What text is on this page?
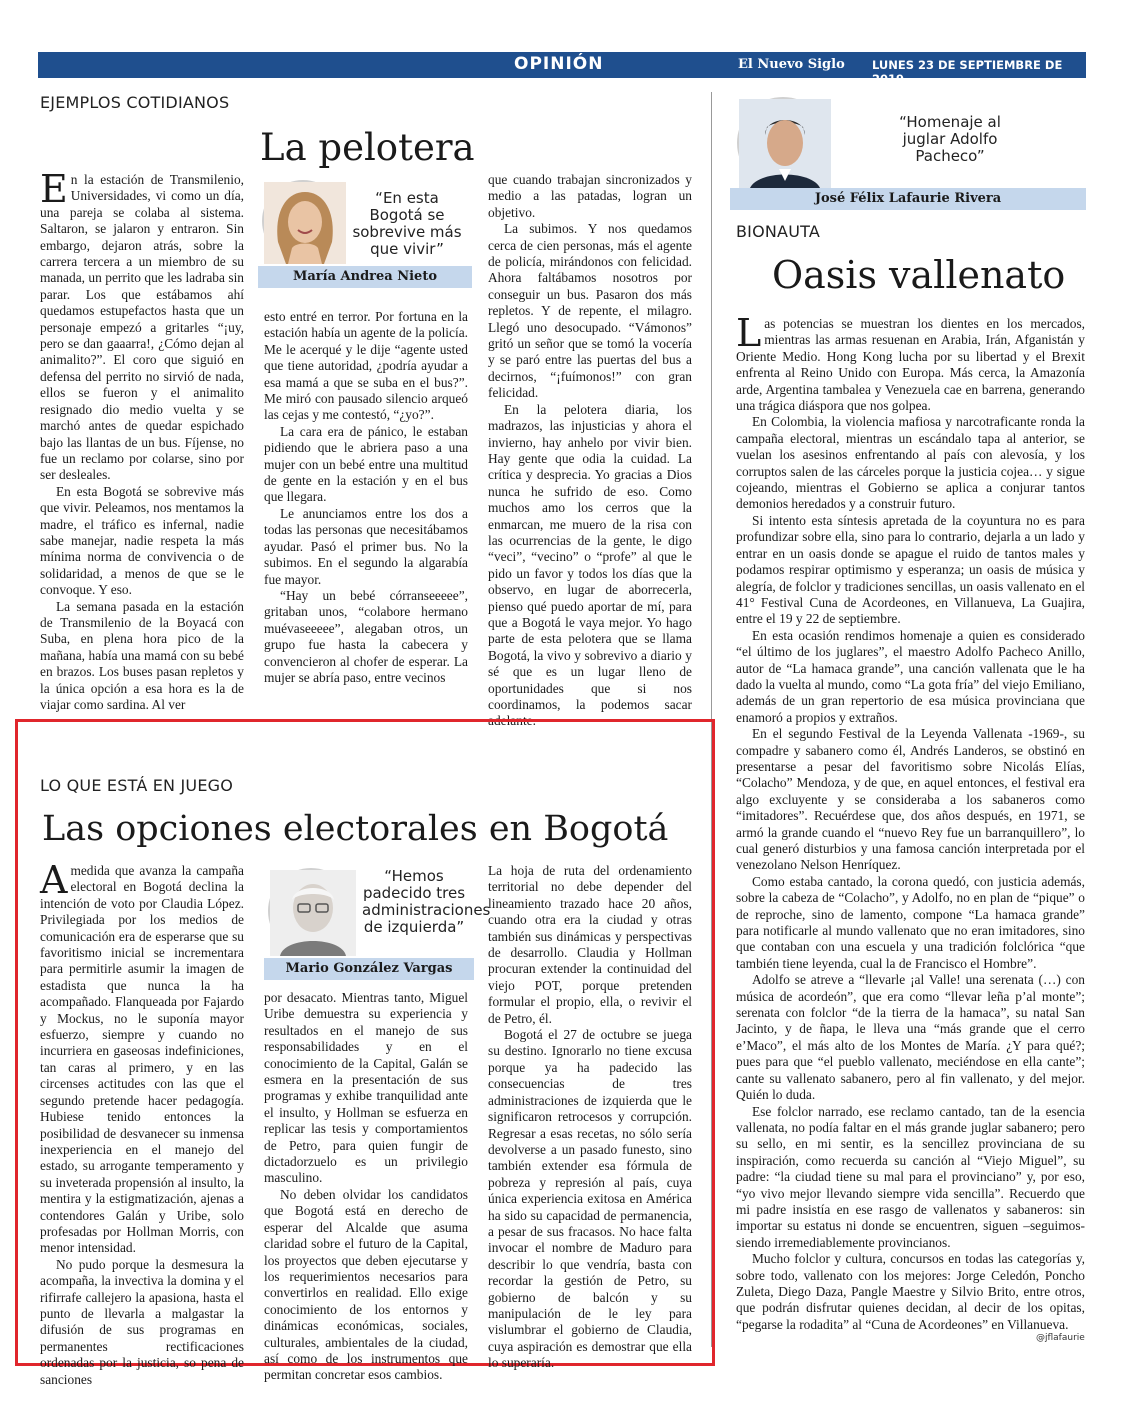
OPINIÓN	El Nuevo Siglo LUNES 23 DE SEPTIEMBRE DE 2019
9A
EJEMPLOS COTIDIANOS
La pelotera
“En esta Bogotá se sobrevive más que vivir”
María Andrea Nieto

En la estación de Transmilenio, Universidades, vi como un día, una pareja se colaba al sistema. Saltaron, se jalaron y entraron. Sin embargo, dejaron atrás, sobre la carrera tercera a un miembro de su manada, un perrito que les ladraba sin parar. Los que estábamos ahí quedamos estupefactos hasta que un personaje empezó a gritarles “¡uy, pero se dan gaaarra!, ¿Cómo dejan al animalito?”. El coro que siguió en defensa del perrito no sirvió de nada, ellos se fueron y el animalito resignado dio medio vuelta y se marchó antes de quedar espichado bajo las llantas de un bus. Fíjense, no fue un reclamo por colarse, sino por ser desleales.

En esta Bogotá se sobrevive más que vivir. Peleamos, nos mentamos la madre, el tráfico es infernal, nadie sabe manejar, nadie respeta la más mínima norma de convivencia o de solidaridad, a menos de que se le convoque. Y eso.

La semana pasada en la estación de Transmilenio de la Boyacá con Suba, en plena hora pico de la mañana, había una mamá con su bebé en brazos. Los buses pasan repletos y la única opción a esa hora es la de viajar como sardina. Al ver

esto entré en terror. Por fortuna en la estación había un agente de la policía. Me le acerqué y le dije “agente usted que tiene autoridad, ¿podría ayudar a esa mamá a que se suba en el bus?”. Me miró con pausado silencio arqueó las cejas y me contestó, “¿yo?”.

La cara era de pánico, le estaban pidiendo que le abriera paso a una mujer con un bebé entre una multitud de gente en la estación y en el bus que llegara.

Le anunciamos entre los dos a todas las personas que necesitábamos ayudar. Pasó el primer bus. No la subimos. En el segundo la algarabía fue mayor.

“Hay un bebé córranseeeee”, gritaban unos, “colabore hermano muévaseeeee”, alegaban otros, un grupo fue hasta la cabecera y convencieron al chofer de esperar. La mujer se abría paso, entre vecinos

que cuando trabajan sincronizados y medio a las patadas, logran un objetivo.

La subimos. Y nos quedamos cerca de cien personas, más el agente de policía, mirándonos con felicidad. Ahora faltábamos nosotros por conseguir un bus. Pasaron dos más repletos. Y de repente, el milagro. Llegó uno desocupado. “Vámonos” gritó un señor que se tomó la vocería y se paró entre las puertas del bus a decirnos, “¡fuímonos!” con gran felicidad.

En la pelotera diaria, los madrazos, las injusticias y ahora el invierno, hay anhelo por vivir bien. Hay gente que odia la cuidad. La crítica y desprecia. Yo gracias a Dios nunca he sufrido de eso. Como muchos amo los cerros que la enmarcan, me muero de la risa con las ocurrencias de la gente, le digo “veci”, “vecino” o “profe” al que le pido un favor y todos los días que la observo, en lugar de aborrecerla, pienso qué puedo aportar de mí, para que a Bogotá le vaya mejor. Yo hago parte de esta pelotera que se llama Bogotá, la vivo y sobrevivo a diario y sé que es un lugar lleno de oportunidades que si nos coordinamos, la podemos sacar adelante.

LO QUE ESTÁ EN JUEGO
Las opciones electorales en Bogotá
“Hemos padecido tres administraciones de izquierda”
Mario González Vargas

A medida que avanza la campaña electoral en Bogotá declina la intención de voto por Claudia López. Privilegiada por los medios de comunicación era de esperarse que su favoritismo inicial se incrementara para permitirle asumir la imagen de estadista que nunca la ha acompañado. Flanqueada por Fajardo y Mockus, no le suponía mayor esfuerzo, siempre y cuando no incurriera en gaseosas indefiniciones, tan caras al primero, y en las circenses actitudes con las que el segundo pretende hacer pedagogía. Hubiese tenido entonces la posibilidad de desvanecer su inmensa inexperiencia en el manejo del estado, su arrogante temperamento y su inveterada propensión al insulto, la mentira y la estigmatización, ajenas a contendores Galán y Uribe, solo profesadas por Hollman Morris, con menor intensidad.

No pudo porque la desmesura la acompaña, la invectiva la domina y el rifirrafe callejero la apasiona, hasta el punto de llevarla a malgastar la difusión de sus programas en permanentes rectificaciones ordenadas por la justicia, so pena de sanciones

por desacato. Mientras tanto, Miguel Uribe demuestra su experiencia y resultados en el manejo de sus responsabilidades y en el conocimiento de la Capital, Galán se esmera en la presentación de sus programas y exhibe tranquilidad ante el insulto, y Hollman se esfuerza en replicar las tesis y comportamientos de Petro, para quien fungir de dictadorzuelo es un privilegio masculino.

No deben olvidar los candidatos que Bogotá está en derecho de esperar del Alcalde que asuma claridad sobre el futuro de la Capital, los proyectos que deben ejecutarse y los requerimientos necesarios para convertirlos en realidad. Ello exige conocimiento de los entornos y dinámicas económicas, sociales, culturales, ambientales de la ciudad, así como de los instrumentos que permitan concretar esos cambios.

La hoja de ruta del ordenamiento territorial no debe depender del lineamiento trazado hace 20 años, cuando otra era la ciudad y otras también sus dinámicas y perspectivas de desarrollo. Claudia y Hollman procuran extender la continuidad del viejo POT, porque pretenden formular el propio, ella, o revivir el de Petro, él.

Bogotá el 27 de octubre se juega su destino. Ignorarlo no tiene excusa porque ya ha padecido las consecuencias de tres administraciones de izquierda que le significaron retrocesos y corrupción. Regresar a esas recetas, no sólo sería devolverse a un pasado funesto, sino también extender esa fórmula de pobreza y represión al país, cuya única experiencia exitosa en América ha sido su capacidad de permanencia, a pesar de sus fracasos. No hace falta invocar el nombre de Maduro para describir lo que vendría, basta con recordar la gestión de Petro, su gobierno de balcón y su manipulación de le ley para vislumbrar el gobierno de Claudia, cuya aspiración es demostrar que ella lo superaría.

“Homenaje al juglar Adolfo Pacheco”
José Félix Lafaurie Rivera
BIONAUTA
Oasis vallenato

Las potencias se muestran los dientes en los mercados, mientras las armas resuenan en Arabia, Irán, Afganistán y Oriente Medio. Hong Kong lucha por su libertad y el Brexit enfrenta al Reino Unido con Europa. Más cerca, la Amazonía arde, Argentina tambalea y Venezuela cae en barrena, generando una trágica diáspora que nos golpea.

En Colombia, la violencia mafiosa y narcotraficante ronda la campaña electoral, mientras un escándalo tapa al anterior, se vuelan los asesinos enfrentando al país con alevosía, y los corruptos salen de las cárceles porque la justicia cojea… y sigue cojeando, mientras el Gobierno se aplica a conjurar tantos demonios heredados y a construir futuro.

Si intento esta síntesis apretada de la coyuntura no es para profundizar sobre ella, sino para lo contrario, dejarla a un lado y entrar en un oasis donde se apague el ruido de tantos males y podamos respirar optimismo y esperanza; un oasis de música y alegría, de folclor y tradiciones sencillas, un oasis vallenato en el 41° Festival Cuna de Acordeones, en Villanueva, La Guajira, entre el 19 y 22 de septiembre.

En esta ocasión rendimos homenaje a quien es considerado “el último de los juglares”, el maestro Adolfo Pacheco Anillo, autor de “La hamaca grande”, una canción vallenata que le ha dado la vuelta al mundo, como “La gota fría” del viejo Emiliano, además de un gran repertorio de esa música provinciana que enamoró a propios y extraños.

En el segundo Festival de la Leyenda Vallenata -1969-, su compadre y sabanero como él, Andrés Landeros, se obstinó en presentarse a pesar del favoritismo sobre Nicolás Elías, “Colacho” Mendoza, y de que, en aquel entonces, el festival era algo excluyente y se consideraba a los sabaneros como “imitadores”. Recuérdese que, dos años después, en 1971, se armó la grande cuando el “nuevo Rey fue un barranquillero”, lo cual generó disturbios y una famosa canción interpretada por el venezolano Nelson Henríquez.

Como estaba cantado, la corona quedó, con justicia además, sobre la cabeza de “Colacho”, y Adolfo, no en plan de “pique” o de reproche, sino de lamento, compone “La hamaca grande” para notificarle al mundo vallenato que no eran imitadores, sino que contaban con una escuela y una tradición folclórica “que también tiene leyenda, cual la de Francisco el Hombre”.

Adolfo se atreve a “llevarle ¡al Valle! una serenata (…) con música de acordeón”, que era como “llevar leña p’al monte”; serenata con folclor “de la tierra de la hamaca”, su natal San Jacinto, y de ñapa, le lleva una “más grande que el cerro e’Maco”, el más alto de los Montes de María. ¿Y para qué?; pues para que “el pueblo vallenato, meciéndose en ella cante”; cante su vallenato sabanero, pero al fin vallenato, y del mejor. Quién lo duda.

Ese folclor narrado, ese reclamo cantado, tan de la esencia vallenata, no podía faltar en el más grande juglar sabanero; pero su sello, en mi sentir, es la sencillez provinciana de su inspiración, como recuerda su canción al “Viejo Miguel”, su padre: “la ciudad tiene su mal para el provinciano” y, por eso, “yo vivo mejor llevando siempre vida sencilla”. Recuerdo que mi padre insistía en ese rasgo de vallenatos y sabaneros: sin importar su estatus ni donde se encuentren, siguen –seguimos- siendo irremediablemente provincianos.

Mucho folclor y cultura, concursos en todas las categorías y, sobre todo, vallenato con los mejores: Jorge Celedón, Poncho Zuleta, Diego Daza, Pangle Maestre y Silvio Brito, entre otros, que podrán disfrutar quienes decidan, al decir de los opitas, “pegarse la rodadita” al “Cuna de Acordeones” en Villanueva.

@jflafaurie
